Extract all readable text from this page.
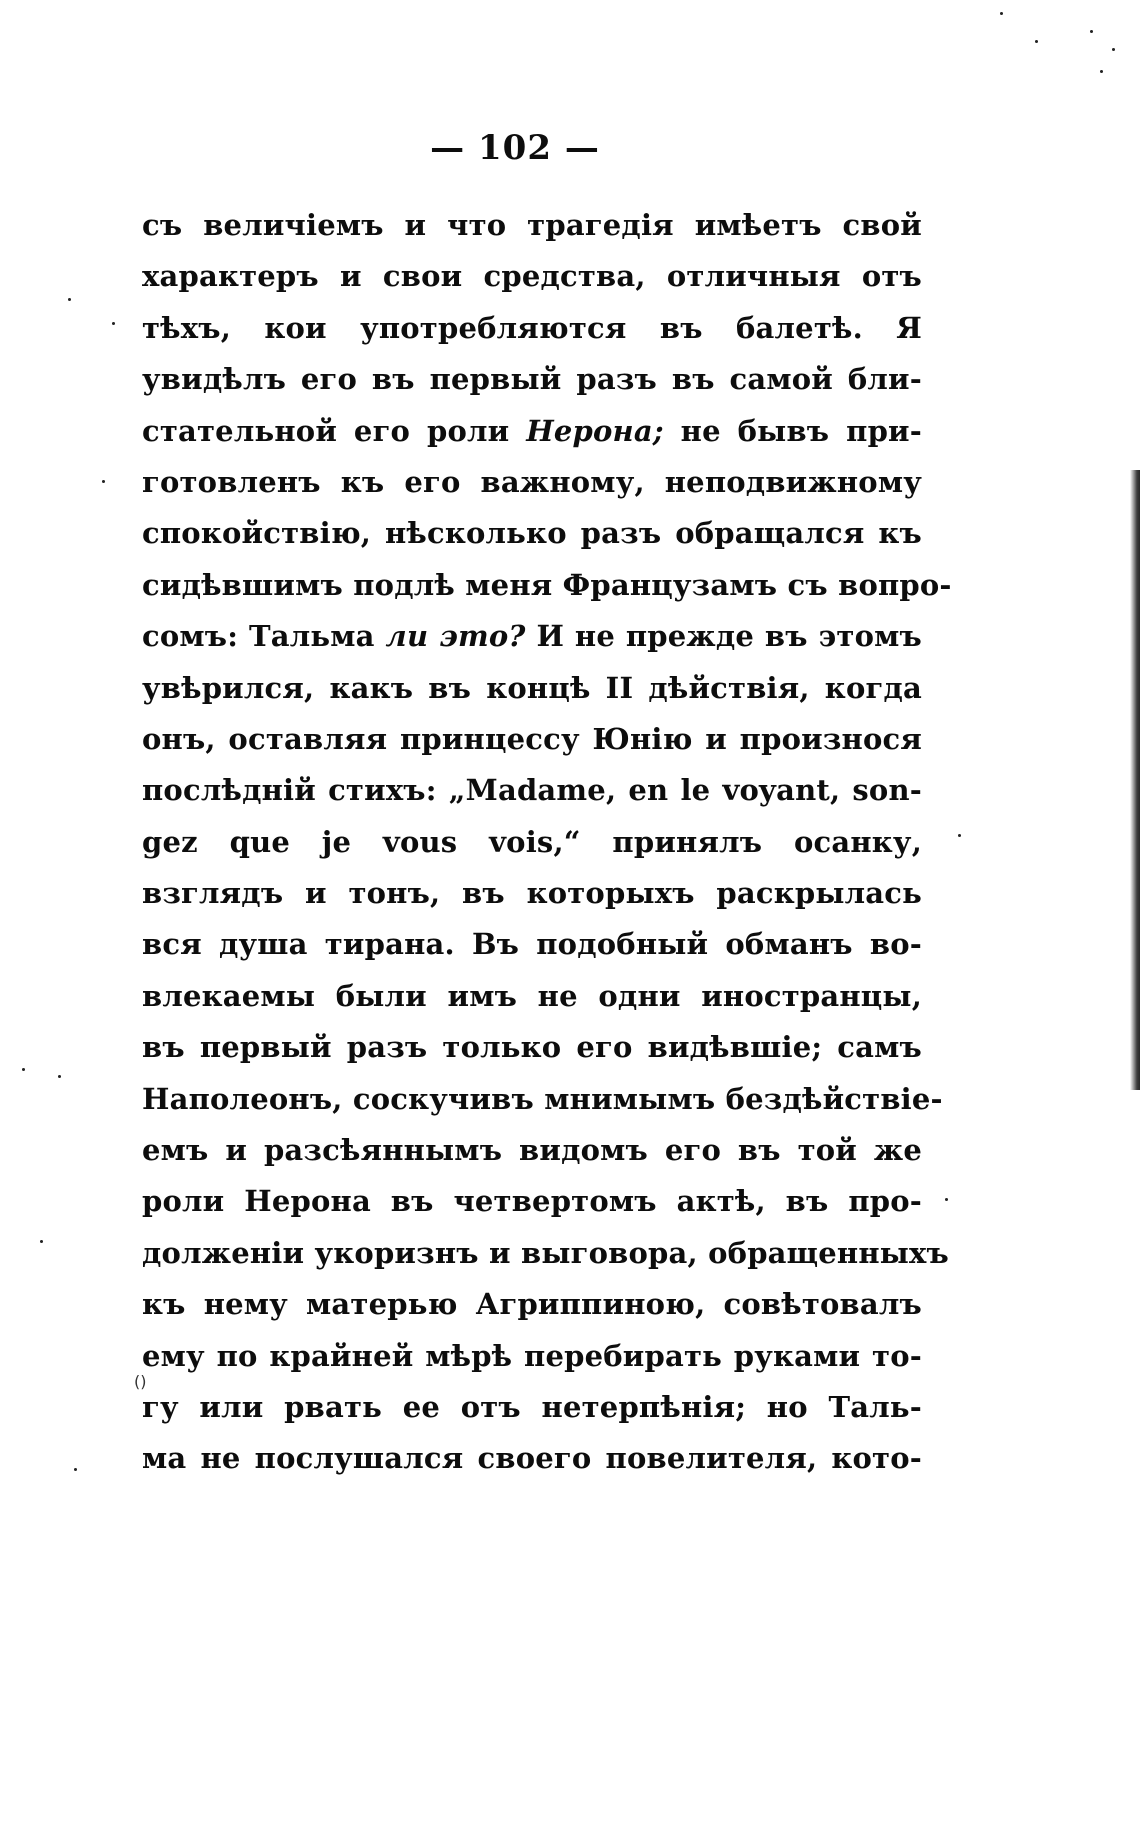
— 102 —
съ величіемъ и что трагедія имѣетъ свой
характеръ и свои средства, отличныя отъ
тѣхъ, кои употребляются въ балетѣ. Я
увидѣлъ его въ первый разъ въ самой бли-
стательной его роли Нерона; не бывъ при-
готовленъ къ его важному, неподвижному
спокойствію, нѣсколько разъ обращался къ
сидѣвшимъ подлѣ меня Французамъ съ вопро-
сомъ: Тальма ли это? И не прежде въ этомъ
увѣрился, какъ въ концѣ II дѣйствія, когда
онъ, оставляя принцессу Юнію и произнося
послѣдній стихъ: „Madame, en le voyant, son-
gez que je vous vois,“ принялъ осанку,
взглядъ и тонъ, въ которыхъ раскрылась
вся душа тирана. Въ подобный обманъ во-
влекаемы были имъ не одни иностранцы,
въ первый разъ только его видѣвшіе; самъ
Наполеонъ, соскучивъ мнимымъ бездѣйствіе-
емъ и разсѣяннымъ видомъ его въ той же
роли Нерона въ четвертомъ актѣ, въ про-
долженіи укоризнъ и выговора, обращенныхъ
къ нему матерью Агриппиною, совѣтовалъ
ему по крайней мѣрѣ перебирать руками то-
гу или рвать ее отъ нетерпѣнія; но Таль-
ма не послушался своего повелителя, кото-
()
